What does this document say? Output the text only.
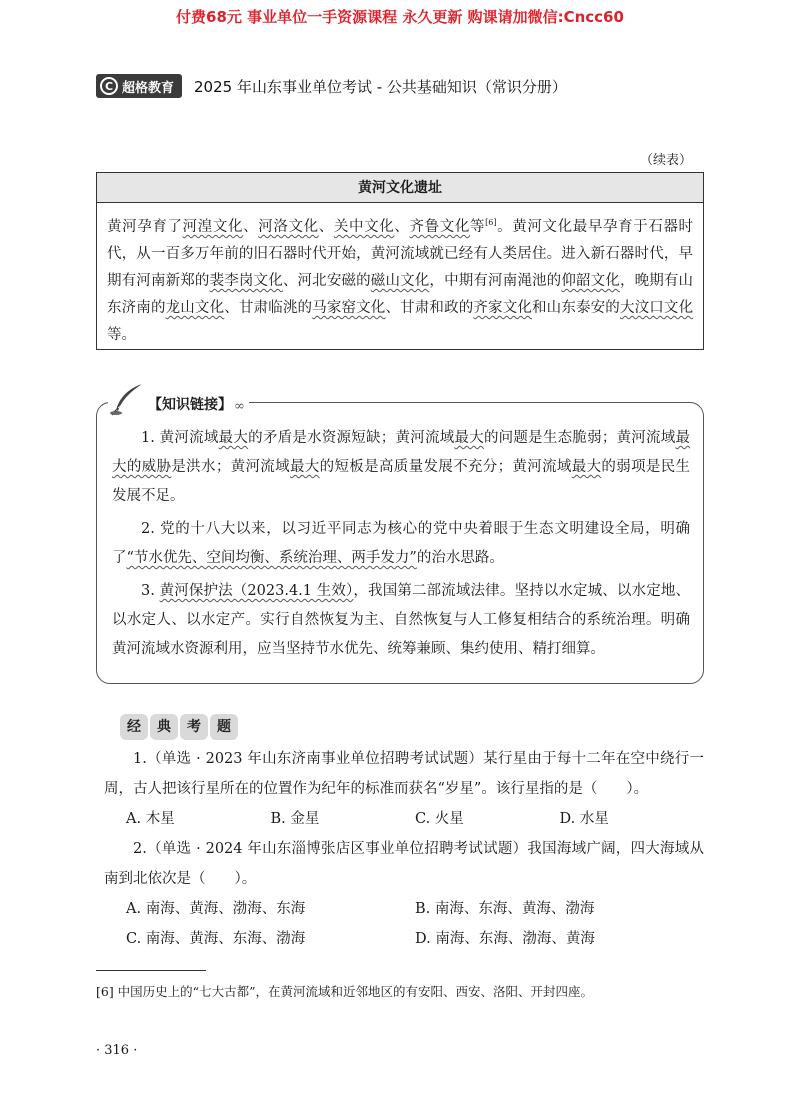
付费68元 事业单位一手资源课程 永久更新 购课请加微信:Cncc60
C 超格教育 2025 年山东事业单位考试 - 公共基础知识（常识分册）
（续表）
黄河文化遗址
黄河孕育了河湟文化、河洛文化、关中文化、齐鲁文化等[6]。黄河文化最早孕育于石器时代，从一百多万年前的旧石器时代开始，黄河流域就已经有人类居住。进入新石器时代，早期有河南新郑的裴李岗文化、河北安磁的磁山文化，中期有河南渑池的仰韶文化，晚期有山东济南的龙山文化、甘肃临洮的马家窑文化、甘肃和政的齐家文化和山东泰安的大汶口文化等。
【知识链接】 ∞

1. 黄河流域最大的矛盾是水资源短缺；黄河流域最大的问题是生态脆弱；黄河流域最大的威胁是洪水；黄河流域最大的短板是高质量发展不充分；黄河流域最大的弱项是民生发展不足。

2. 党的十八大以来，以习近平同志为核心的党中央着眼于生态文明建设全局，明确了“节水优先、空间均衡、系统治理、两手发力”的治水思路。

3. 黄河保护法（2023.4.1 生效），我国第二部流域法律。坚持以水定城、以水定地、以水定人、以水定产。实行自然恢复为主、自然恢复与人工修复相结合的系统治理。明确黄河流域水资源利用，应当坚持节水优先、统筹兼顾、集约使用、精打细算。

经	典	考	题
1.（单选 · 2023 年山东济南事业单位招聘考试试题）某行星由于每十二年在空中绕行一周，古人把该行星所在的位置作为纪年的标准而获名“岁星”。该行星指的是（　　）。
A. 木星	B. 金星	C. 火星	D. 水星
2.（单选 · 2024 年山东淄博张店区事业单位招聘考试试题）我国海域广阔，四大海域从南到北依次是（　　）。
A. 南海、黄海、渤海、东海	B. 南海、东海、黄海、渤海
C. 南海、黄海、东海、渤海	D. 南海、东海、渤海、黄海
[6] 中国历史上的“七大古都”，在黄河流域和近邻地区的有安阳、西安、洛阳、开封四座。
· 316 ·
